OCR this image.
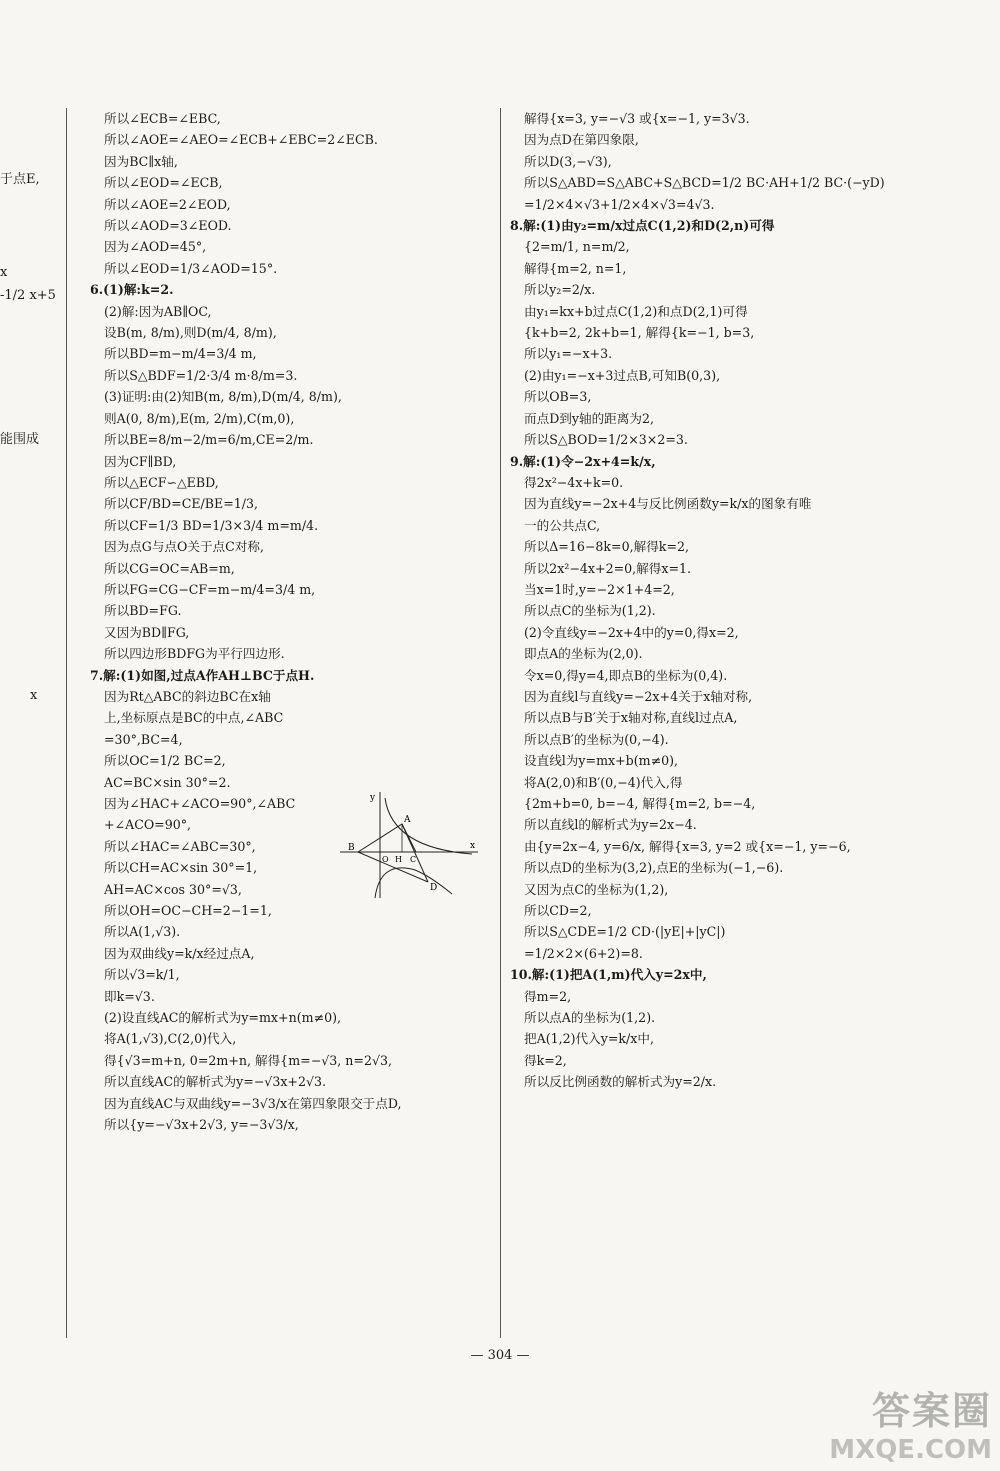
于点E,
x
-1/2 x+5
能围成
x
所以∠ECB=∠EBC,
所以∠AOE=∠AEO=∠ECB+∠EBC=2∠ECB.
因为BC∥x轴,
所以∠EOD=∠ECB,
所以∠AOE=2∠EOD,
所以∠AOD=3∠EOD.
因为∠AOD=45°,
所以∠EOD=1/3∠AOD=15°.
6.(1)解:k=2.
(2)解:因为AB∥OC,
设B(m, 8/m),则D(m/4, 8/m),
所以BD=m−m/4=3/4 m,
所以S△BDF=1/2·3/4 m·8/m=3.
(3)证明:由(2)知B(m, 8/m),D(m/4, 8/m),
则A(0, 8/m),E(m, 2/m),C(m,0),
所以BE=8/m−2/m=6/m,CE=2/m.
因为CF∥BD,
所以△ECF∽△EBD,
所以CF/BD=CE/BE=1/3,
所以CF=1/3 BD=1/3×3/4 m=m/4.
因为点G与点O关于点C对称,
所以CG=OC=AB=m,
所以FG=CG−CF=m−m/4=3/4 m,
所以BD=FG.
又因为BD∥FG,
所以四边形BDFG为平行四边形.
7.解:(1)如图,过点A作AH⊥BC于点H.
因为Rt△ABC的斜边BC在x轴
上,坐标原点是BC的中点,∠ABC
=30°,BC=4,
所以OC=1/2 BC=2,
AC=BC×sin 30°=2.
因为∠HAC+∠ACO=90°,∠ABC
+∠ACO=90°,
所以∠HAC=∠ABC=30°,
所以CH=AC×sin 30°=1,
AH=AC×cos 30°=√3,
所以OH=OC−CH=2−1=1,
所以A(1,√3).
因为双曲线y=k/x经过点A,
所以√3=k/1,
即k=√3.
(2)设直线AC的解析式为y=mx+n(m≠0),
将A(1,√3),C(2,0)代入,
得{√3=m+n, 0=2m+n, 解得{m=−√3, n=2√3,
所以直线AC的解析式为y=−√3x+2√3.
因为直线AC与双曲线y=−3√3/x在第四象限交于点D,
所以{y=−√3x+2√3, y=−3√3/x,
解得{x=3, y=−√3 或{x=−1, y=3√3.
因为点D在第四象限,
所以D(3,−√3),
所以S△ABD=S△ABC+S△BCD=1/2 BC·AH+1/2 BC·(−yD)
=1/2×4×√3+1/2×4×√3=4√3.
8.解:(1)由y₂=m/x过点C(1,2)和D(2,n)可得
{2=m/1, n=m/2,
解得{m=2, n=1,
所以y₂=2/x.
由y₁=kx+b过点C(1,2)和点D(2,1)可得
{k+b=2, 2k+b=1, 解得{k=−1, b=3,
所以y₁=−x+3.
(2)由y₁=−x+3过点B,可知B(0,3),
所以OB=3,
而点D到y轴的距离为2,
所以S△BOD=1/2×3×2=3.
9.解:(1)令−2x+4=k/x,
得2x²−4x+k=0.
因为直线y=−2x+4与反比例函数y=k/x的图象有唯
一的公共点C,
所以Δ=16−8k=0,解得k=2,
所以2x²−4x+2=0,解得x=1.
当x=1时,y=−2×1+4=2,
所以点C的坐标为(1,2).
(2)令直线y=−2x+4中的y=0,得x=2,
即点A的坐标为(2,0).
令x=0,得y=4,即点B的坐标为(0,4).
因为直线l与直线y=−2x+4关于x轴对称,
所以点B与B′关于x轴对称,直线l过点A,
所以点B′的坐标为(0,−4).
设直线l为y=mx+b(m≠0),
将A(2,0)和B′(0,−4)代入,得
{2m+b=0, b=−4, 解得{m=2, b=−4,
所以直线l的解析式为y=2x−4.
由{y=2x−4, y=6/x, 解得{x=3, y=2 或{x=−1, y=−6,
所以点D的坐标为(3,2),点E的坐标为(−1,−6).
又因为点C的坐标为(1,2),
所以CD=2,
所以S△CDE=1/2 CD·(|yE|+|yC|)
=1/2×2×(6+2)=8.
10.解:(1)把A(1,m)代入y=2x中,
得m=2,
所以点A的坐标为(1,2).
把A(1,2)代入y=k/x中,
得k=2,
所以反比例函数的解析式为y=2/x.
y
A
B
O H C
x
D
— 304 —
答案圈
MXQE.COM
